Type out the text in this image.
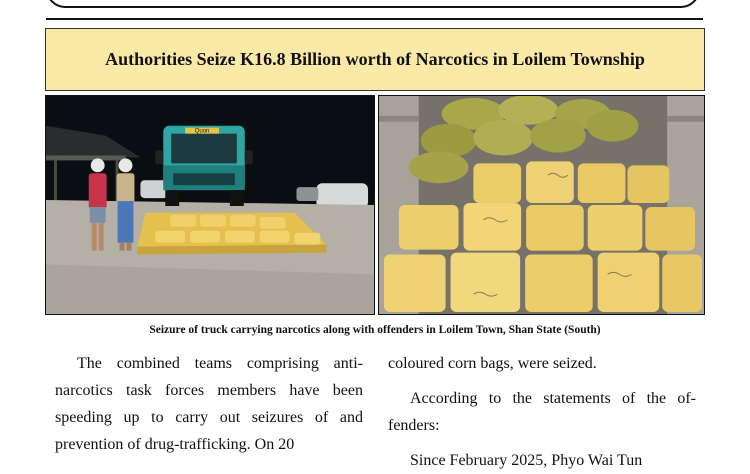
Authorities Seize K16.8 Billion worth of Narcotics in Loilem Township
Quon

Seizure of truck carrying narcotics along with offenders in Loilem Town, Shan State (South)

The combined teams comprising anti-narcotics task forces members have been speeding up to carry out seizures of and prevention of drug-trafficking. On 20

coloured corn bags, were seized.

According to the statements of the of-fenders:

Since February 2025, Phyo Wai Tun
